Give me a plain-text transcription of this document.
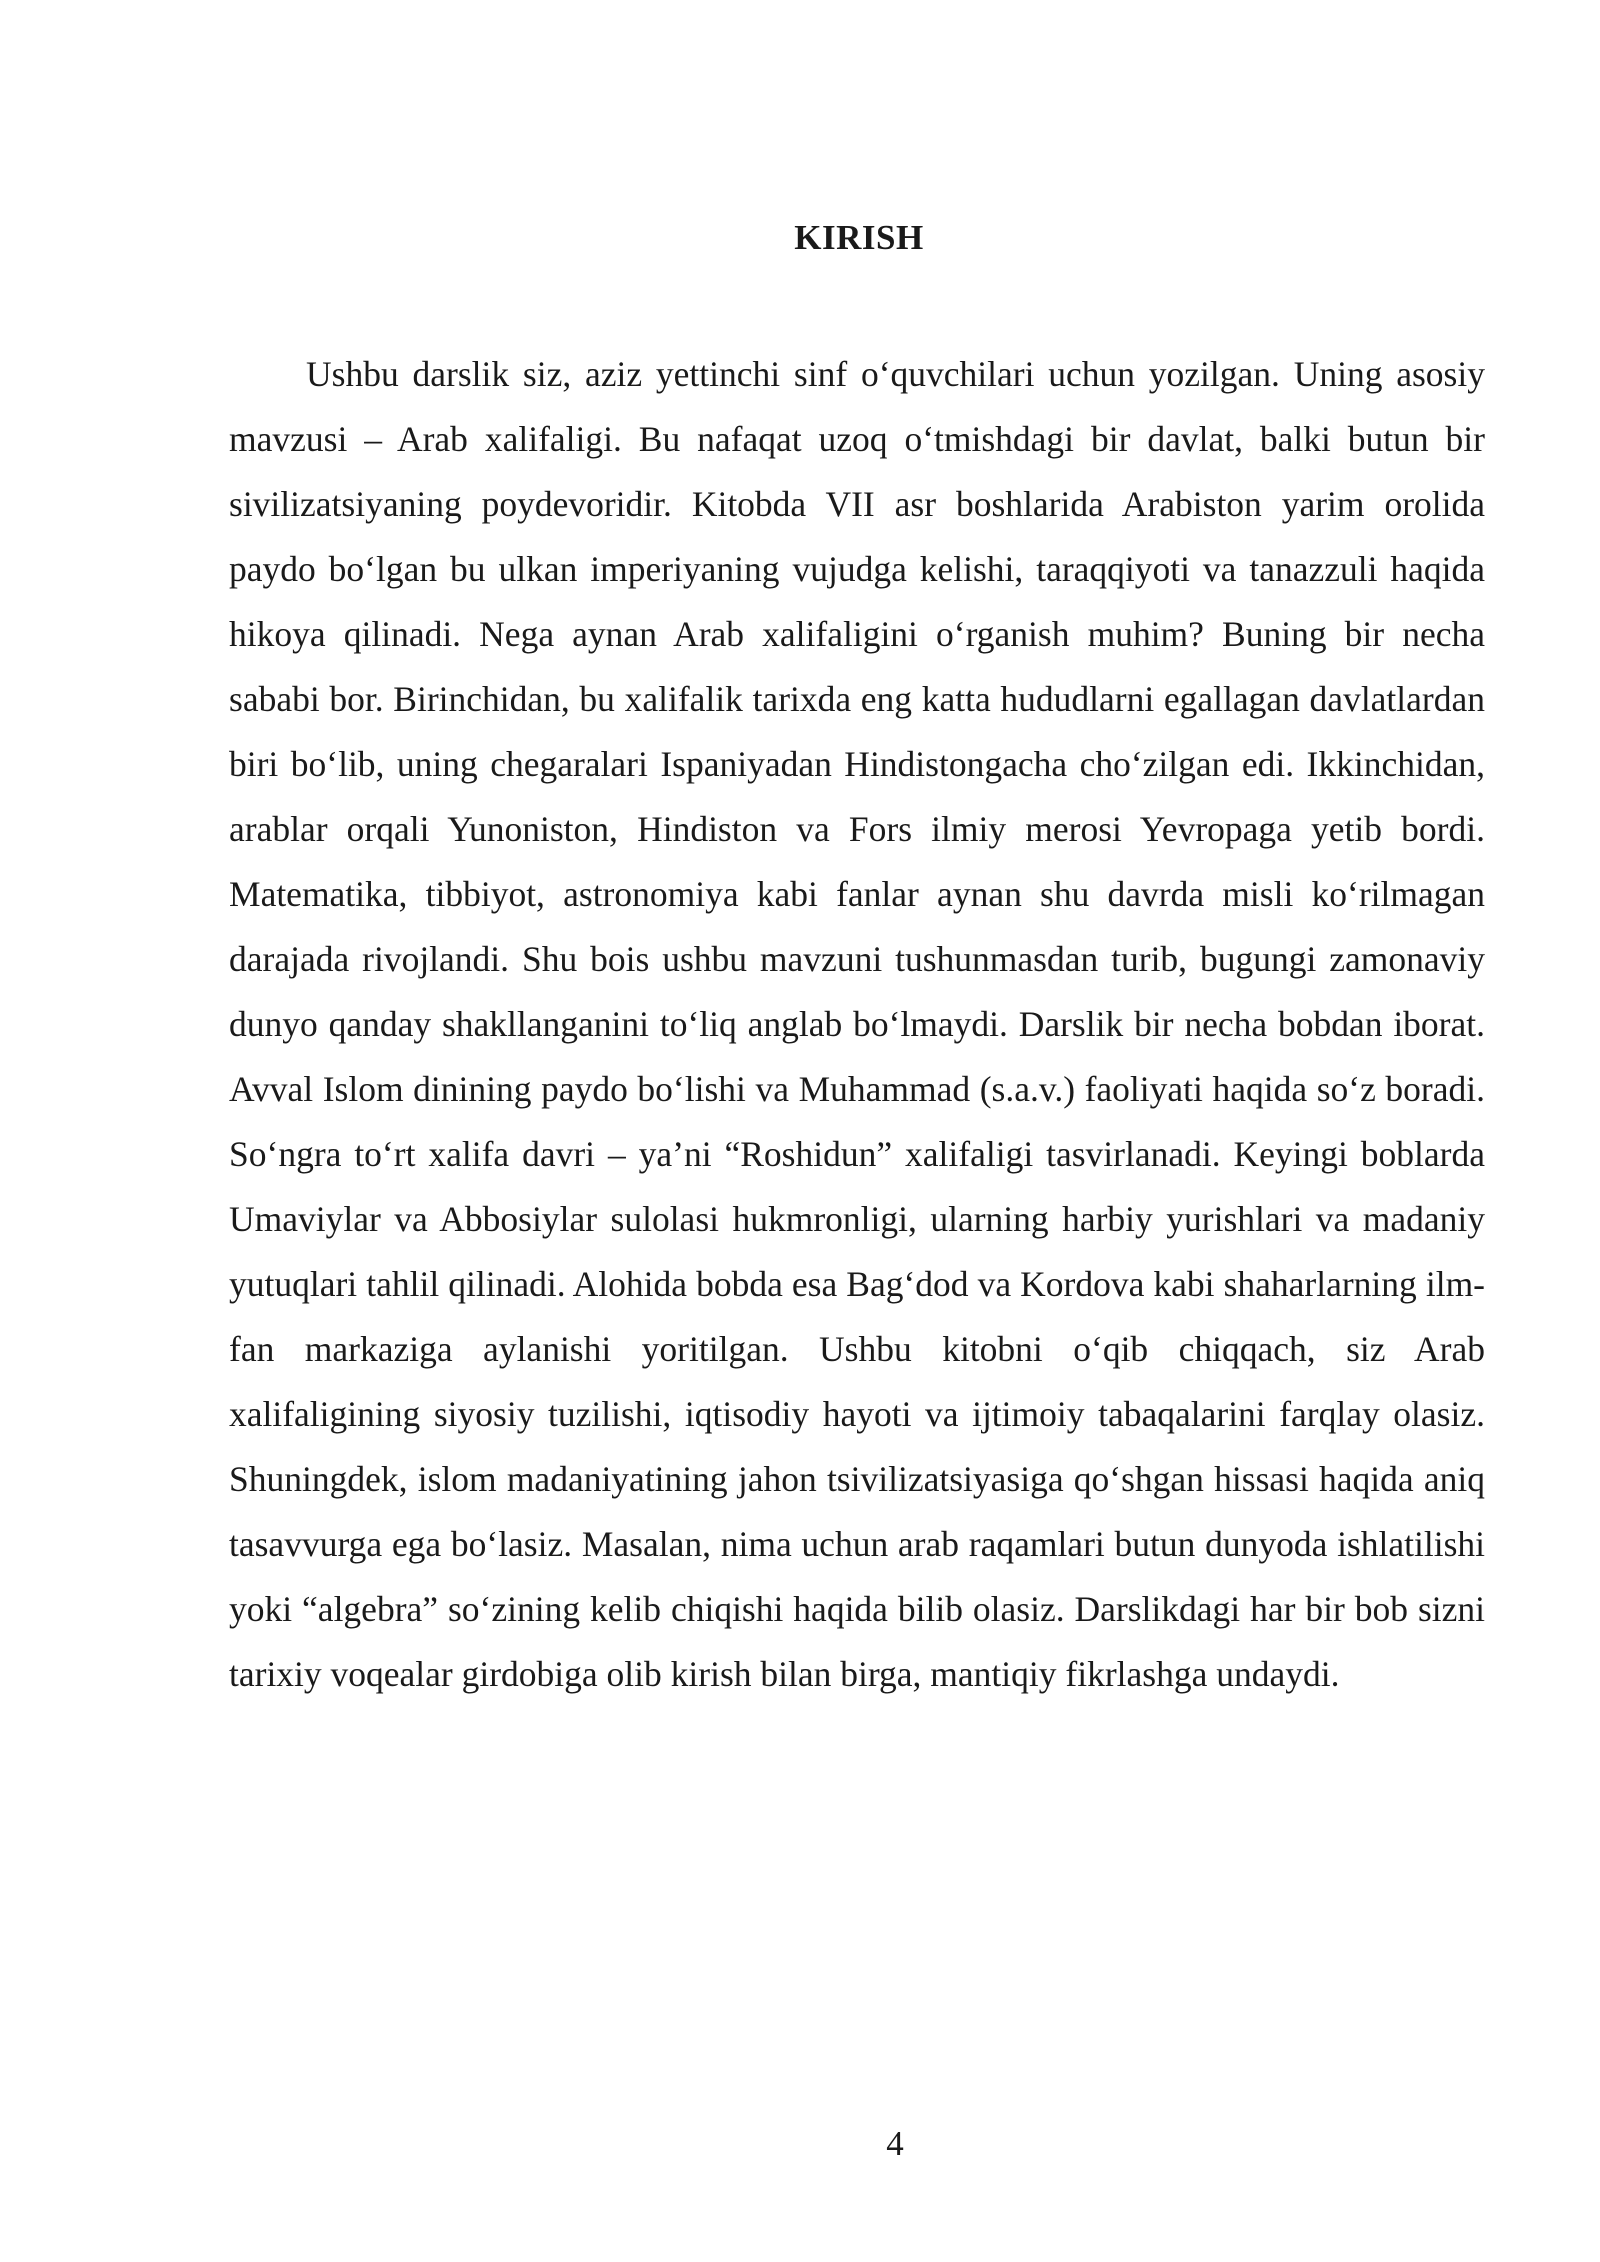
KIRISH

Ushbu darslik siz, aziz yettinchi sinf o‘quvchilari uchun yozilgan. Uning asosiy mavzusi – Arab xalifaligi. Bu nafaqat uzoq o‘tmishdagi bir davlat, balki butun bir sivilizatsiyaning poydevoridir. Kitobda VII asr boshlarida Arabiston yarim orolida paydo bo‘lgan bu ulkan imperiyaning vujudga kelishi, taraqqiyoti va tanazzuli haqida hikoya qilinadi. Nega aynan Arab xalifaligini o‘rganish muhim? Buning bir necha sababi bor. Birinchidan, bu xalifalik tarixda eng katta hududlarni egallagan davlatlardan biri bo‘lib, uning chegaralari Ispaniyadan Hindistongacha cho‘zilgan edi. Ikkinchidan, arablar orqali Yunoniston, Hindiston va Fors ilmiy merosi Yevropaga yetib bordi. Matematika, tibbiyot, astronomiya kabi fanlar aynan shu davrda misli ko‘rilmagan darajada rivojlandi. Shu bois ushbu mavzuni tushunmasdan turib, bugungi zamonaviy dunyo qanday shakllanganini to‘liq anglab bo‘lmaydi. Darslik bir necha bobdan iborat. Avval Islom dinining paydo bo‘lishi va Muhammad (s.a.v.) faoliyati haqida so‘z boradi. So‘ngra to‘rt xalifa davri – ya’ni “Roshidun” xalifaligi tasvirlanadi. Keyingi boblarda Umaviylar va Abbosiylar sulolasi hukmronligi, ularning harbiy yurishlari va madaniy yutuqlari tahlil qilinadi. Alohida bobda esa Bag‘dod va Kordova kabi shaharlarning ilm-fan markaziga aylanishi yoritilgan. Ushbu kitobni o‘qib chiqqach, siz Arab xalifaligining siyosiy tuzilishi, iqtisodiy hayoti va ijtimoiy tabaqalarini farqlay olasiz. Shuningdek, islom madaniyatining jahon tsivilizatsiyasiga qo‘shgan hissasi haqida aniq tasavvurga ega bo‘lasiz. Masalan, nima uchun arab raqamlari butun dunyoda ishlatilishi yoki “algebra” so‘zining kelib chiqishi haqida bilib olasiz. Darslikdagi har bir bob sizni tarixiy voqealar girdobiga olib kirish bilan birga, mantiqiy fikrlashga undaydi.

4
